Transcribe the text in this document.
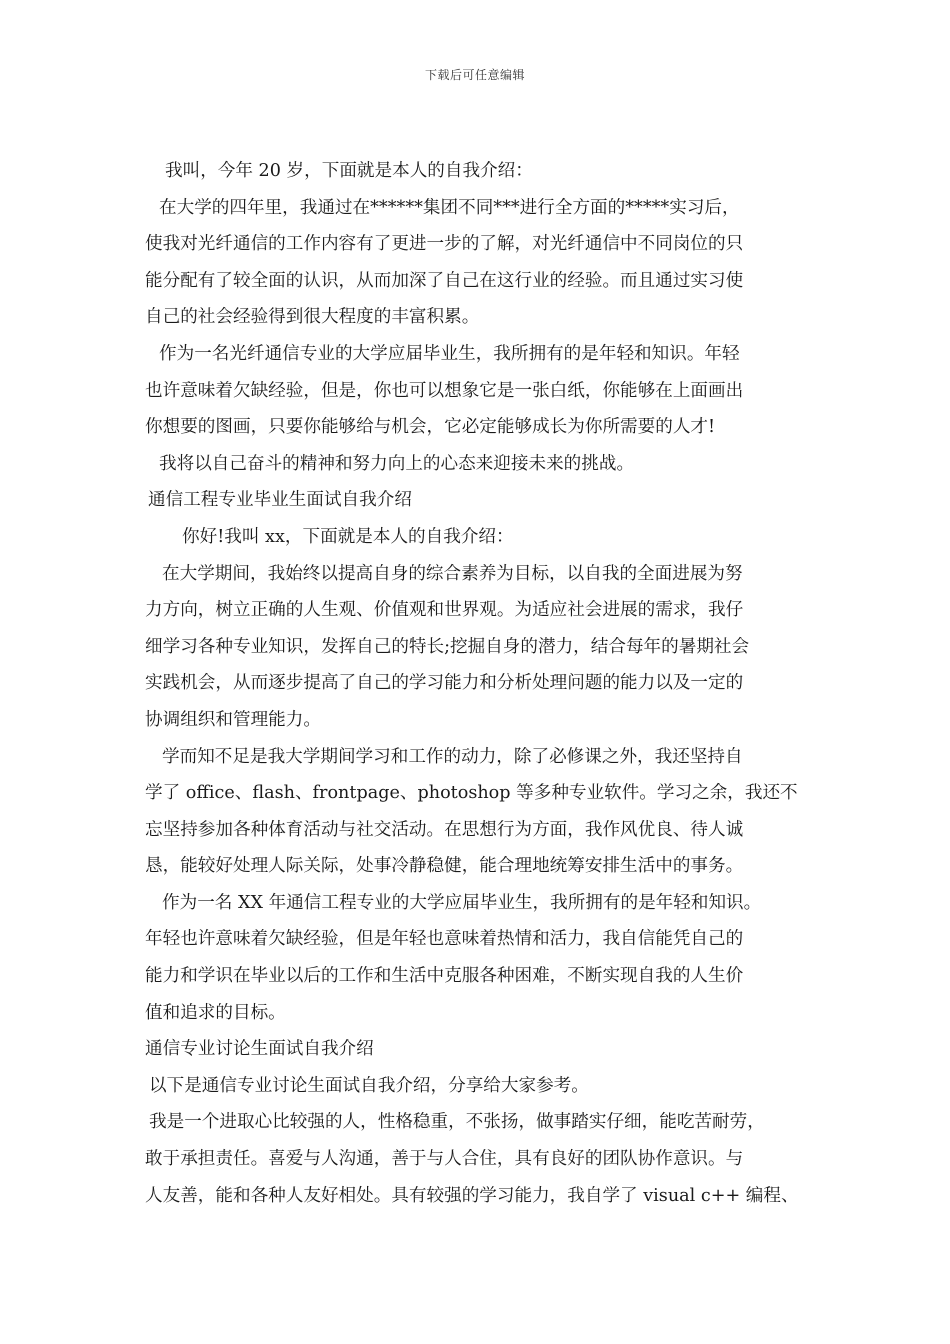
下载后可任意编辑
我叫，今年 20 岁，下面就是本人的自我介绍：
在大学的四年里，我通过在******集团不同***进行全方面的*****实习后，
使我对光纤通信的工作内容有了更进一步的了解，对光纤通信中不同岗位的只
能分配有了较全面的认识，从而加深了自己在这行业的经验。而且通过实习使
自己的社会经验得到很大程度的丰富积累。
作为一名光纤通信专业的大学应届毕业生，我所拥有的是年轻和知识。年轻
也许意味着欠缺经验，但是，你也可以想象它是一张白纸，你能够在上面画出
你想要的图画，只要你能够给与机会，它必定能够成长为你所需要的人才!
我将以自己奋斗的精神和努力向上的心态来迎接未来的挑战。
通信工程专业毕业生面试自我介绍
你好!我叫 xx，下面就是本人的自我介绍：
在大学期间，我始终以提高自身的综合素养为目标，以自我的全面进展为努
力方向，树立正确的人生观、价值观和世界观。为适应社会进展的需求，我仔
细学习各种专业知识，发挥自己的特长;挖掘自身的潜力，结合每年的暑期社会
实践机会，从而逐步提高了自己的学习能力和分析处理问题的能力以及一定的
协调组织和管理能力。
学而知不足是我大学期间学习和工作的动力，除了必修课之外，我还坚持自
学了 office、flash、frontpage、photoshop 等多种专业软件。学习之余，我还不
忘坚持参加各种体育活动与社交活动。在思想行为方面，我作风优良、待人诚
恳，能较好处理人际关际，处事冷静稳健，能合理地统筹安排生活中的事务。
作为一名 XX 年通信工程专业的大学应届毕业生，我所拥有的是年轻和知识。
年轻也许意味着欠缺经验，但是年轻也意味着热情和活力，我自信能凭自己的
能力和学识在毕业以后的工作和生活中克服各种困难，不断实现自我的人生价
值和追求的目标。
通信专业讨论生面试自我介绍
以下是通信专业讨论生面试自我介绍，分享给大家参考。
我是一个进取心比较强的人，性格稳重，不张扬，做事踏实仔细，能吃苦耐劳，
敢于承担责任。喜爱与人沟通，善于与人合住，具有良好的团队协作意识。与
人友善，能和各种人友好相处。具有较强的学习能力，我自学了 visual c++ 编程、
